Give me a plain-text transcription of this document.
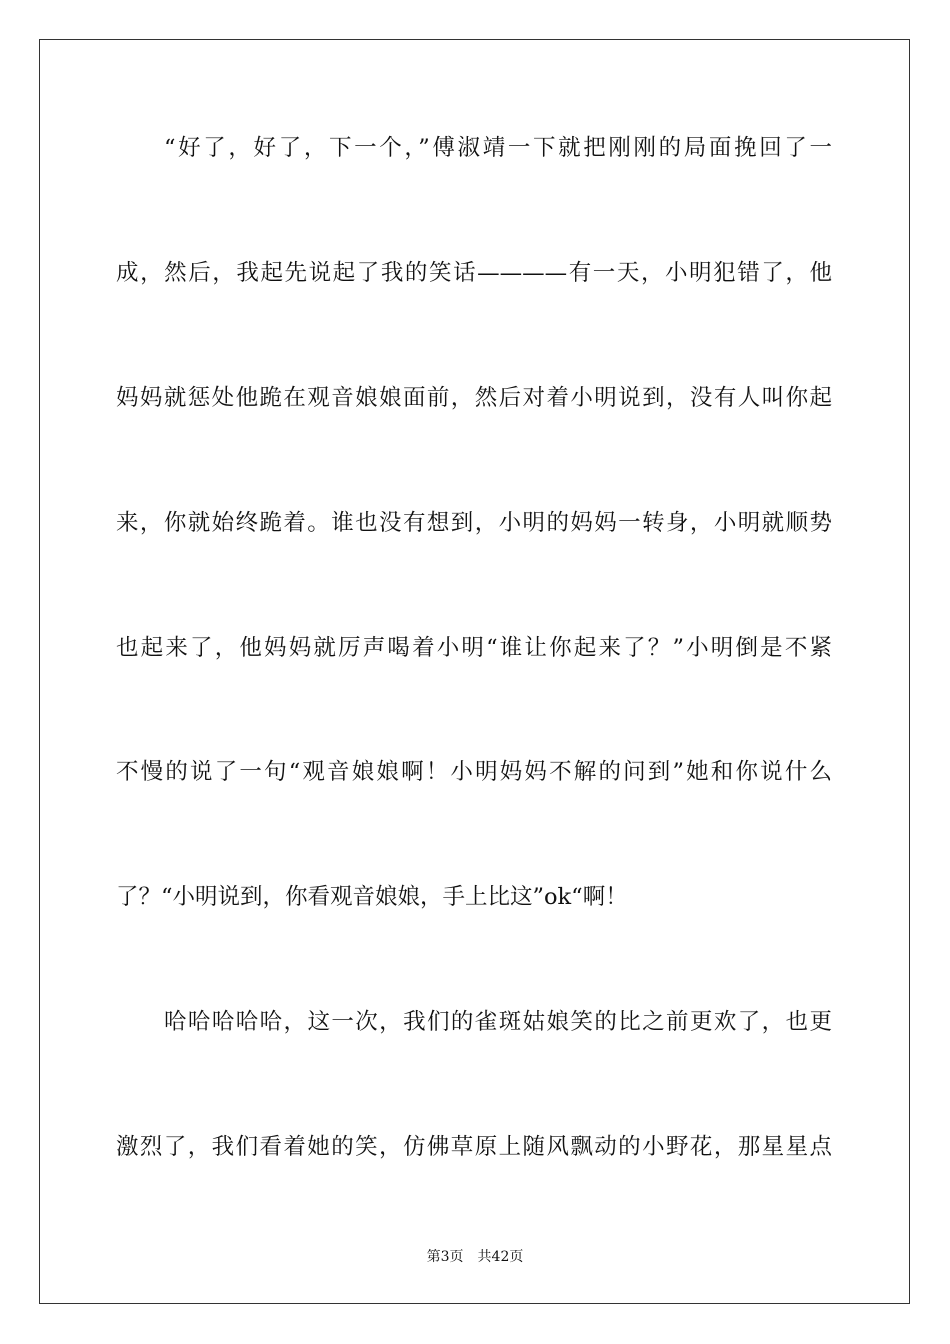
“好了，好了，下一个，”傅淑靖一下就把刚刚的局面挽回了一
成，然后，我起先说起了我的笑话————有一天，小明犯错了，他
妈妈就惩处他跪在观音娘娘面前，然后对着小明说到，没有人叫你起
来，你就始终跪着。谁也没有想到，小明的妈妈一转身，小明就顺势
也起来了，他妈妈就厉声喝着小明“谁让你起来了？”小明倒是不紧
不慢的说了一句“观音娘娘啊！小明妈妈不解的问到”她和你说什么
了？“小明说到，你看观音娘娘，手上比这”ok“啊！
哈哈哈哈哈，这一次，我们的雀斑姑娘笑的比之前更欢了，也更
激烈了，我们看着她的笑，仿佛草原上随风飘动的小野花，那星星点
第3页 共42页
